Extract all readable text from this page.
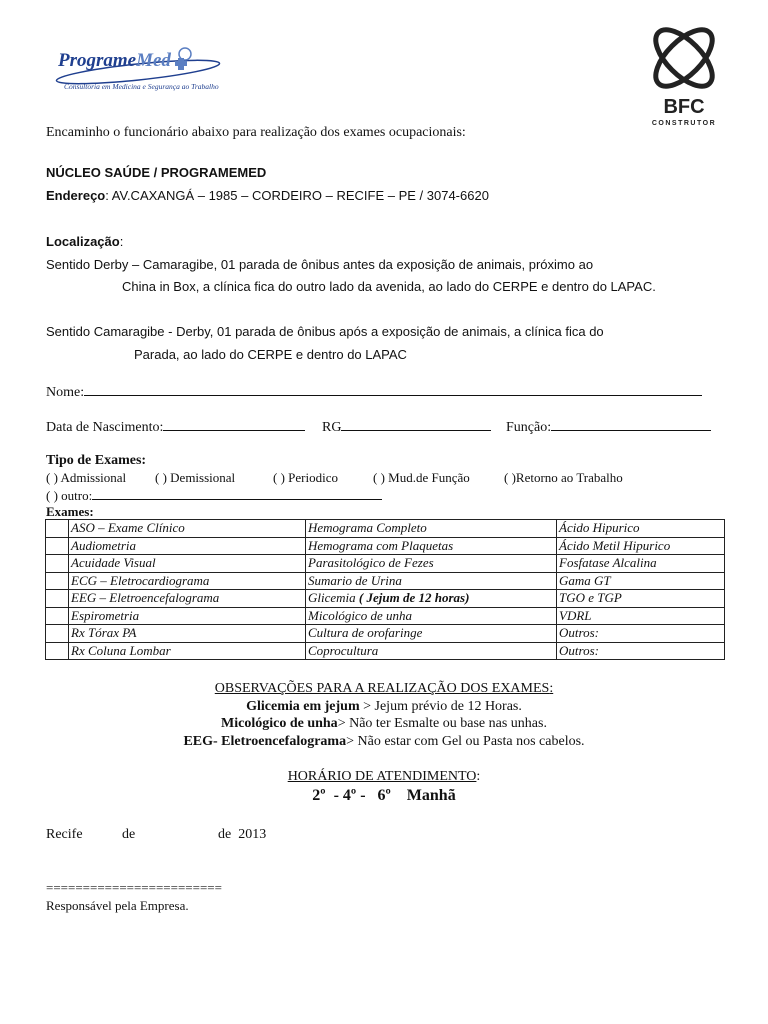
ProgrameMed
Consultoria em Medicina e Segurança ao Trabalho
BFC
CONSTRUTOR
Encaminho o funcionário abaixo para realização dos exames ocupacionais:
NÚCLEO SAÚDE / PROGRAMEMED
Endereço: AV.CAXANGÁ – 1985 – CORDEIRO – RECIFE – PE / 3074-6620
Localização:
Sentido Derby – Camaragibe, 01 parada de ônibus antes da exposição de animais, próximo ao
China in Box, a clínica fica do outro lado da avenida, ao lado do CERPE e dentro do LAPAC.
Sentido Camaragibe - Derby, 01 parada de ônibus após a exposição de animais, a clínica fica do
Parada, ao lado do CERPE e dentro do LAPAC
Nome:
Data de Nascimento:	RG	Função:
Tipo de Exames:
( ) Admissional ( ) Demissional	( ) Periodico	( ) Mud.de Função	( )Retorno ao Trabalho
( ) outro:
Exames:
	ASO – Exame Clínico	Hemograma Completo	Ácido Hipurico
	Audiometria	Hemograma com Plaquetas	Ácido Metil Hipurico
	Acuidade Visual	Parasitológico de Fezes	Fosfatase Alcalina
	ECG – Eletrocardiograma	Sumario de Urina	Gama GT
	EEG – Eletroencefalograma	Glicemia ( Jejum de 12 horas)	TGO e TGP
	Espirometria	Micológico de unha	VDRL
	Rx Tórax PA	Cultura de orofaringe	Outros:
	Rx Coluna Lombar	Coprocultura	Outros:
OBSERVAÇÕES PARA A REALIZAÇÃO DOS EXAMES:
Glicemia em jejum > Jejum prévio de 12 Horas.
Micológico de unha> Não ter Esmalte ou base nas unhas.
EEG- Eletroencefalograma> Não estar com Gel ou Pasta nos cabelos.
HORÁRIO DE ATENDIMENTO:
2º  - 4º -   6º    Manhã
Recife	de	de  2013
========================
Responsável pela Empresa.
